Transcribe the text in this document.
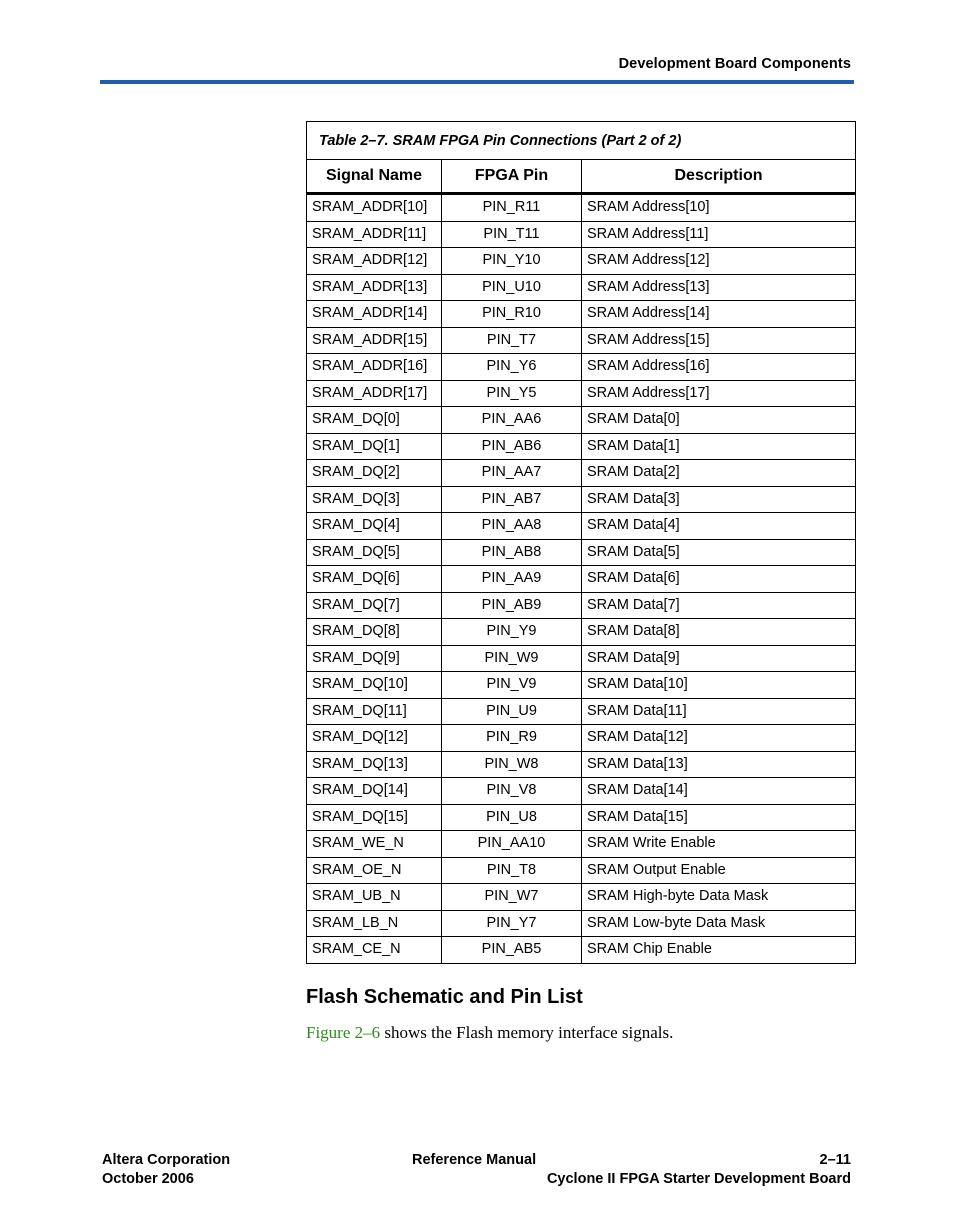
Development Board Components
Table 2–7. SRAM FPGA Pin Connections (Part 2 of 2)		
Signal Name	FPGA Pin	Description
SRAM_ADDR[10]	PIN_R11	SRAM Address[10]
SRAM_ADDR[11]	PIN_T11	SRAM Address[11]
SRAM_ADDR[12]	PIN_Y10	SRAM Address[12]
SRAM_ADDR[13]	PIN_U10	SRAM Address[13]
SRAM_ADDR[14]	PIN_R10	SRAM Address[14]
SRAM_ADDR[15]	PIN_T7	SRAM Address[15]
SRAM_ADDR[16]	PIN_Y6	SRAM Address[16]
SRAM_ADDR[17]	PIN_Y5	SRAM Address[17]
SRAM_DQ[0]	PIN_AA6	SRAM Data[0]
SRAM_DQ[1]	PIN_AB6	SRAM Data[1]
SRAM_DQ[2]	PIN_AA7	SRAM Data[2]
SRAM_DQ[3]	PIN_AB7	SRAM Data[3]
SRAM_DQ[4]	PIN_AA8	SRAM Data[4]
SRAM_DQ[5]	PIN_AB8	SRAM Data[5]
SRAM_DQ[6]	PIN_AA9	SRAM Data[6]
SRAM_DQ[7]	PIN_AB9	SRAM Data[7]
SRAM_DQ[8]	PIN_Y9	SRAM Data[8]
SRAM_DQ[9]	PIN_W9	SRAM Data[9]
SRAM_DQ[10]	PIN_V9	SRAM Data[10]
SRAM_DQ[11]	PIN_U9	SRAM Data[11]
SRAM_DQ[12]	PIN_R9	SRAM Data[12]
SRAM_DQ[13]	PIN_W8	SRAM Data[13]
SRAM_DQ[14]	PIN_V8	SRAM Data[14]
SRAM_DQ[15]	PIN_U8	SRAM Data[15]
SRAM_WE_N	PIN_AA10	SRAM Write Enable
SRAM_OE_N	PIN_T8	SRAM Output Enable
SRAM_UB_N	PIN_W7	SRAM High-byte Data Mask
SRAM_LB_N	PIN_Y7	SRAM Low-byte Data Mask
SRAM_CE_N	PIN_AB5	SRAM Chip Enable
Flash Schematic and Pin List

Figure 2–6 shows the Flash memory interface signals.

Altera Corporation
October 2006
Reference Manual	2–11
Cyclone II FPGA Starter Development Board
